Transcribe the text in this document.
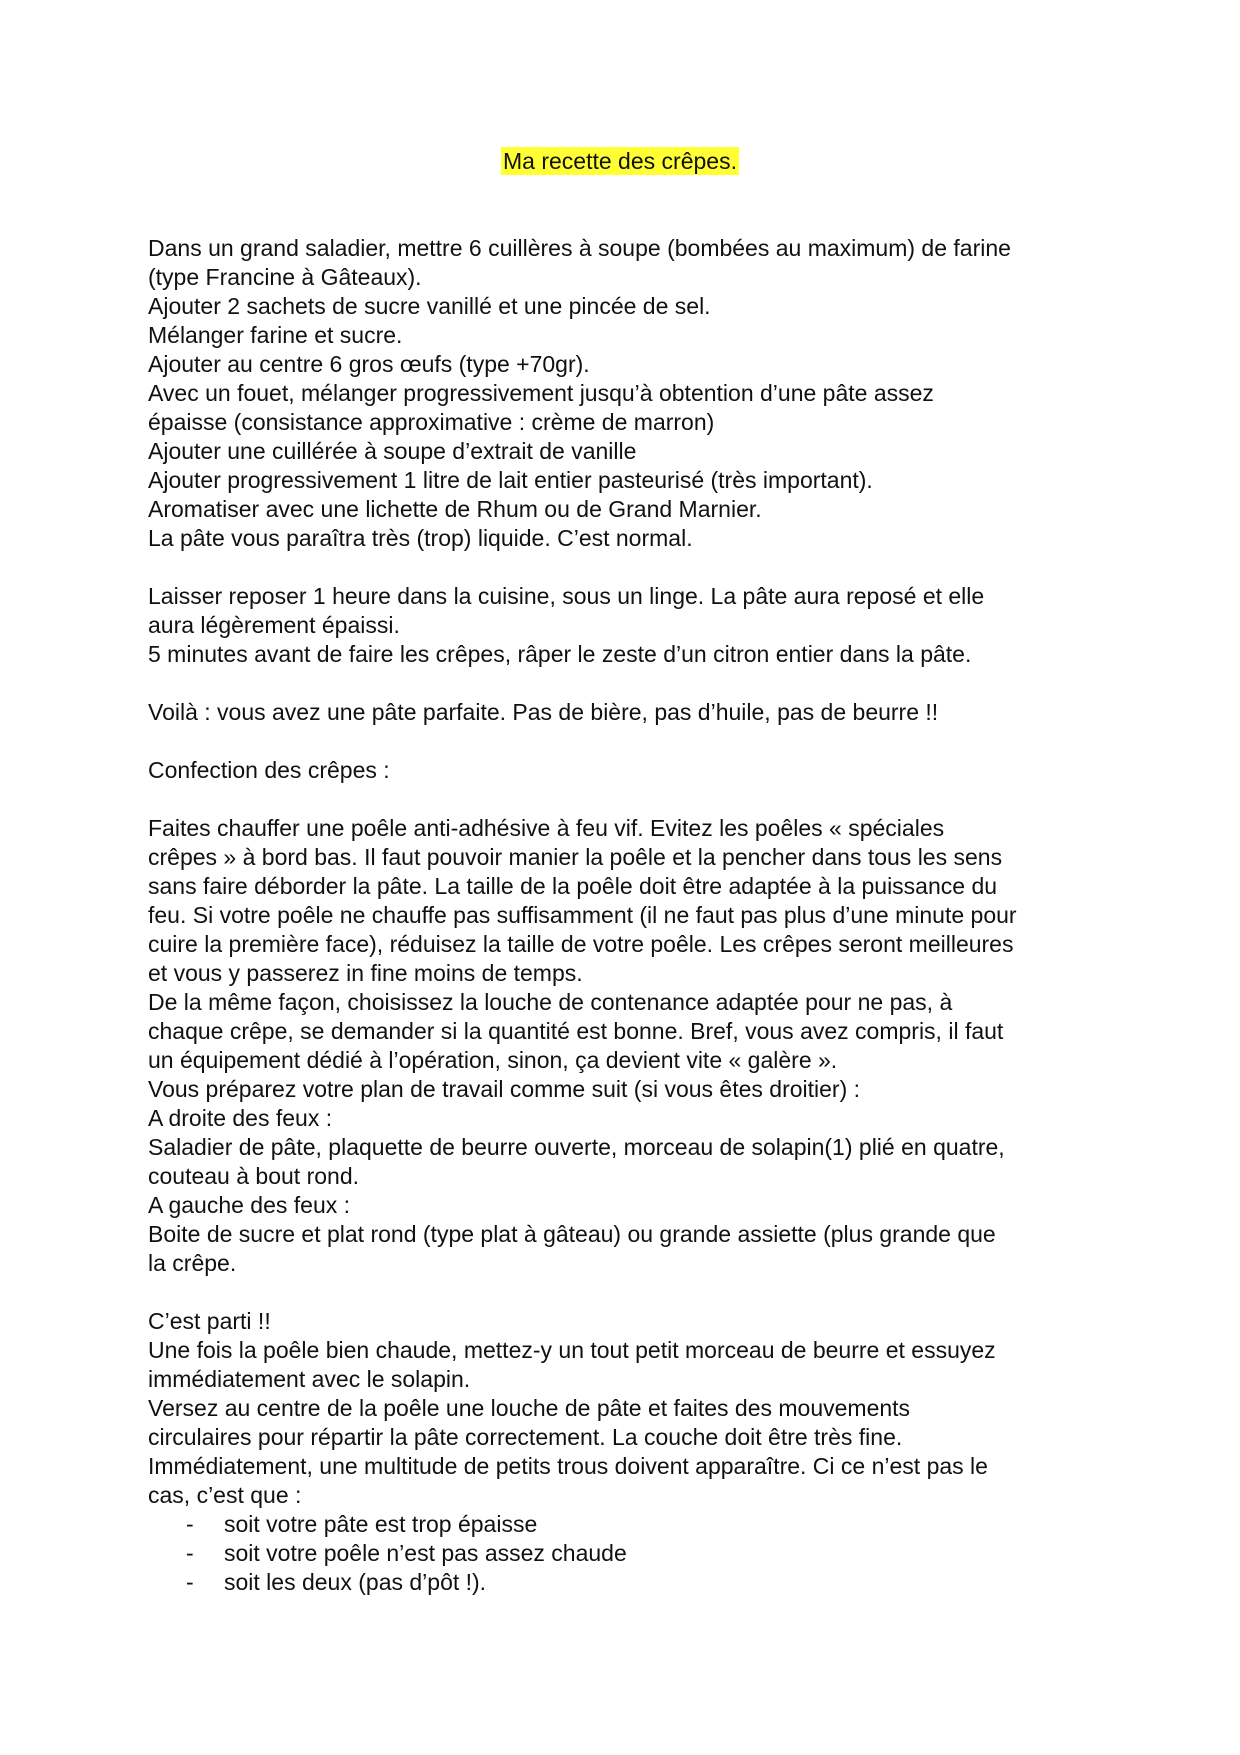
Ma recette des crêpes.
Dans un grand saladier, mettre 6 cuillères à soupe (bombées au maximum) de farine
(type Francine à Gâteaux).
Ajouter 2 sachets de sucre vanillé et une pincée de sel.
Mélanger farine et sucre.
Ajouter au centre 6 gros œufs (type +70gr).
Avec un fouet, mélanger progressivement jusqu’à obtention d’une pâte assez
épaisse (consistance approximative : crème de marron)
Ajouter une cuillérée à soupe d’extrait de vanille
Ajouter progressivement 1 litre de lait entier pasteurisé (très important).
Aromatiser avec une lichette de Rhum ou de Grand Marnier.
La pâte vous paraîtra très (trop) liquide. C’est normal.
Laisser reposer 1 heure dans la cuisine, sous un linge. La pâte aura reposé et elle
aura légèrement épaissi.
5 minutes avant de faire les crêpes, râper le zeste d’un citron entier dans la pâte.
Voilà : vous avez une pâte parfaite. Pas de bière, pas d’huile, pas de beurre !!
Confection des crêpes :
Faites chauffer une poêle anti-adhésive à feu vif. Evitez les poêles « spéciales
crêpes » à bord bas. Il faut pouvoir manier la poêle et la pencher dans tous les sens
sans faire déborder la pâte. La taille de la poêle doit être adaptée à la puissance du
feu. Si votre poêle ne chauffe pas suffisamment (il ne faut pas plus d’une minute pour
cuire la première face), réduisez la taille de votre poêle. Les crêpes seront meilleures
et vous y passerez in fine moins de temps.
De la même façon, choisissez la louche de contenance adaptée pour ne pas, à
chaque crêpe, se demander si la quantité est bonne. Bref, vous avez compris, il faut
un équipement dédié à l’opération, sinon, ça devient vite « galère ».
Vous préparez votre plan de travail comme suit (si vous êtes droitier) :
A droite des feux :
Saladier de pâte, plaquette de beurre ouverte, morceau de solapin(1) plié en quatre,
couteau à bout rond.
A gauche des feux :
Boite de sucre et plat rond (type plat à gâteau) ou grande assiette (plus grande que
la crêpe.
C’est parti !!
Une fois la poêle bien chaude, mettez-y un tout petit morceau de beurre et essuyez
immédiatement avec le solapin.
Versez au centre de la poêle une louche de pâte et faites des mouvements
circulaires pour répartir la pâte correctement. La couche doit être très fine.
Immédiatement, une multitude de petits trous doivent apparaître. Ci ce n’est pas le
cas, c’est que :
- soit votre pâte est trop épaisse
- soit votre poêle n’est pas assez chaude
- soit les deux (pas d’pôt !).
